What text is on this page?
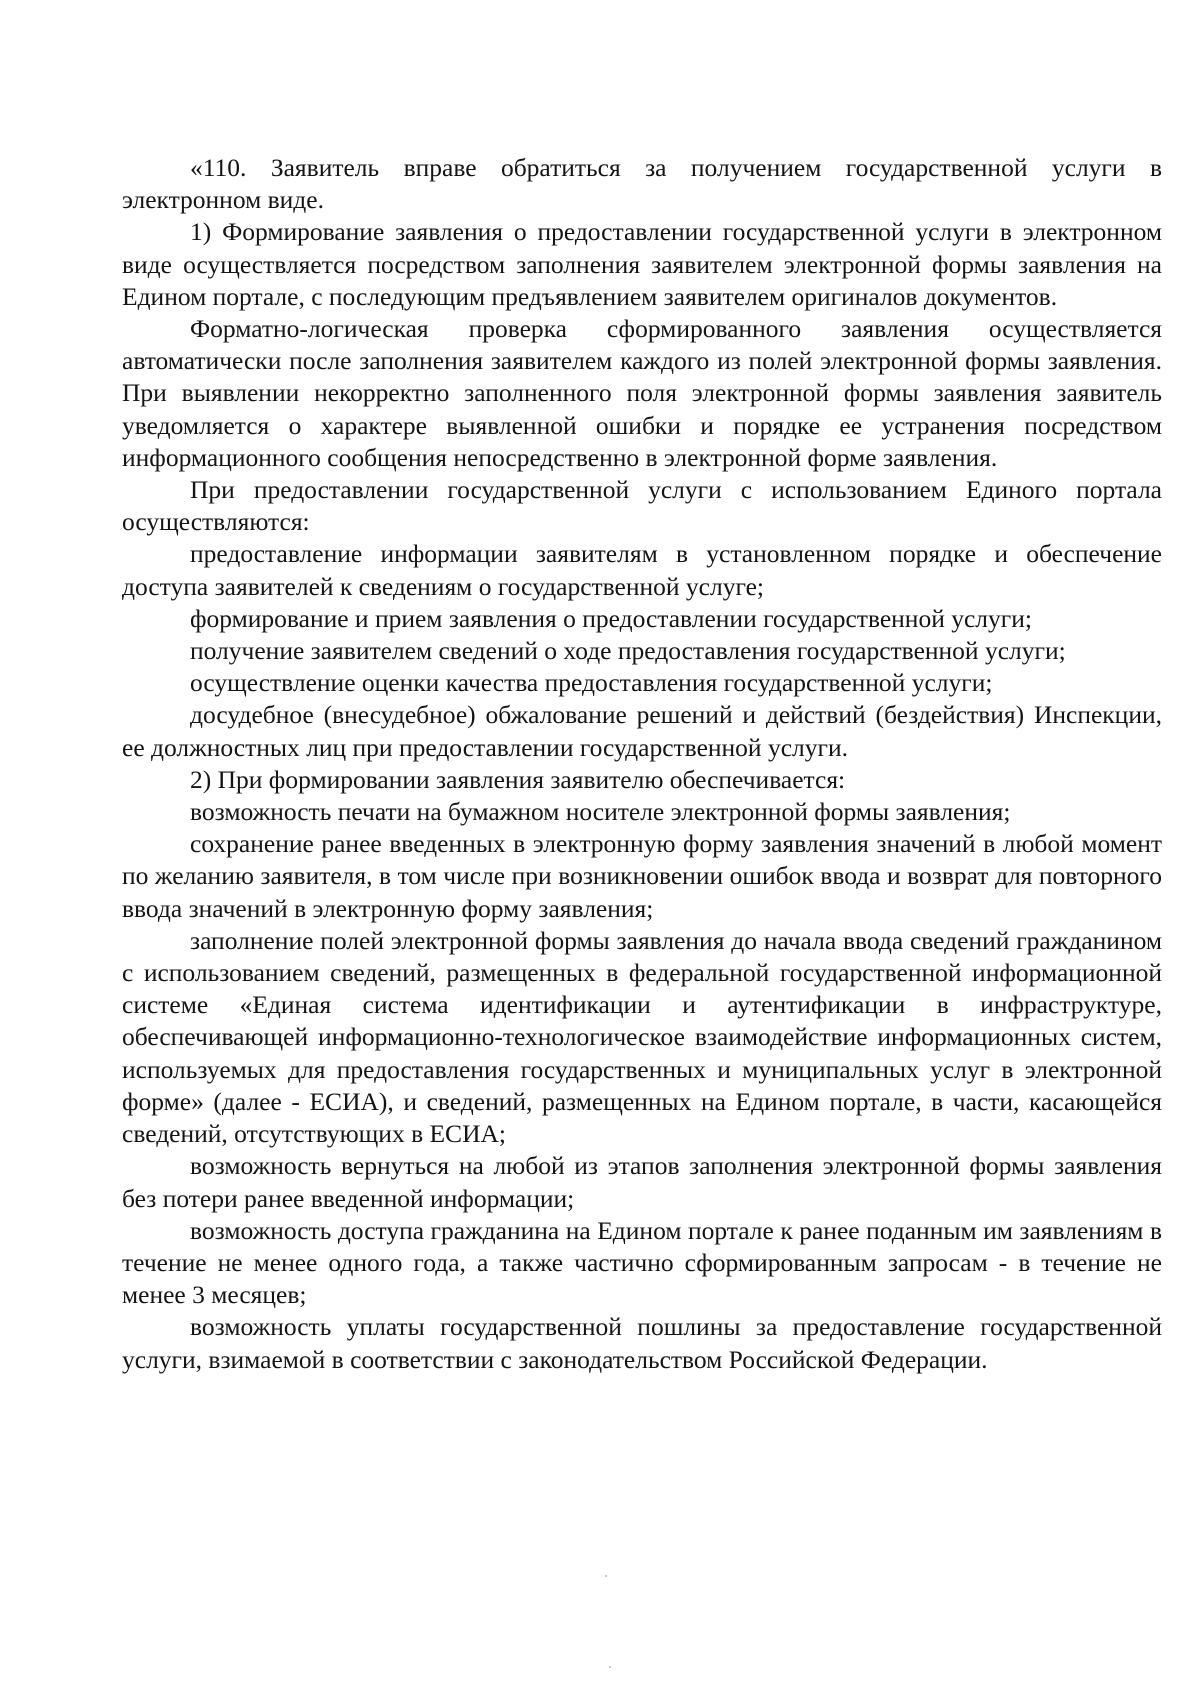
«110. Заявитель вправе обратиться за получением государственной услуги в электронном виде.

1) Формирование заявления о предоставлении государственной услуги в электронном виде осуществляется посредством заполнения заявителем электронной формы заявления на Едином портале, с последующим предъявлением заявителем оригиналов документов.

Форматно-логическая проверка сформированного заявления осуществляется автоматически после заполнения заявителем каждого из полей электронной формы заявления. При выявлении некорректно заполненного поля электронной формы заявления заявитель уведомляется о характере выявленной ошибки и порядке ее устранения посредством информационного сообщения непосредственно в электронной форме заявления.

При предоставлении государственной услуги с использованием Единого портала осуществляются:

предоставление информации заявителям в установленном порядке и обеспечение доступа заявителей к сведениям о государственной услуге;

формирование и прием заявления о предоставлении государственной услуги;

получение заявителем сведений о ходе предоставления государственной услуги;

осуществление оценки качества предоставления государственной услуги;

досудебное (внесудебное) обжалование решений и действий (бездействия) Инспекции, ее должностных лиц при предоставлении государственной услуги.

2) При формировании заявления заявителю обеспечивается:

возможность печати на бумажном носителе электронной формы заявления;

сохранение ранее введенных в электронную форму заявления значений в любой момент по желанию заявителя, в том числе при возникновении ошибок ввода и возврат для повторного ввода значений в электронную форму заявления;

заполнение полей электронной формы заявления до начала ввода сведений гражданином с использованием сведений, размещенных в федеральной государственной информационной системе «Единая система идентификации и аутентификации в инфраструктуре, обеспечивающей информационно-технологическое взаимодействие информационных систем, используемых для предоставления государственных и муниципальных услуг в электронной форме» (далее - ЕСИА), и сведений, размещенных на Едином портале, в части, касающейся сведений, отсутствующих в ЕСИА;

возможность вернуться на любой из этапов заполнения электронной формы заявления без потери ранее введенной информации;

возможность доступа гражданина на Едином портале к ранее поданным им заявлениям в течение не менее одного года, а также частично сформированным запросам - в течение не менее 3 месяцев;

возможность уплаты государственной пошлины за предоставление государственной услуги, взимаемой в соответствии с законодательством Российской Федерации.
